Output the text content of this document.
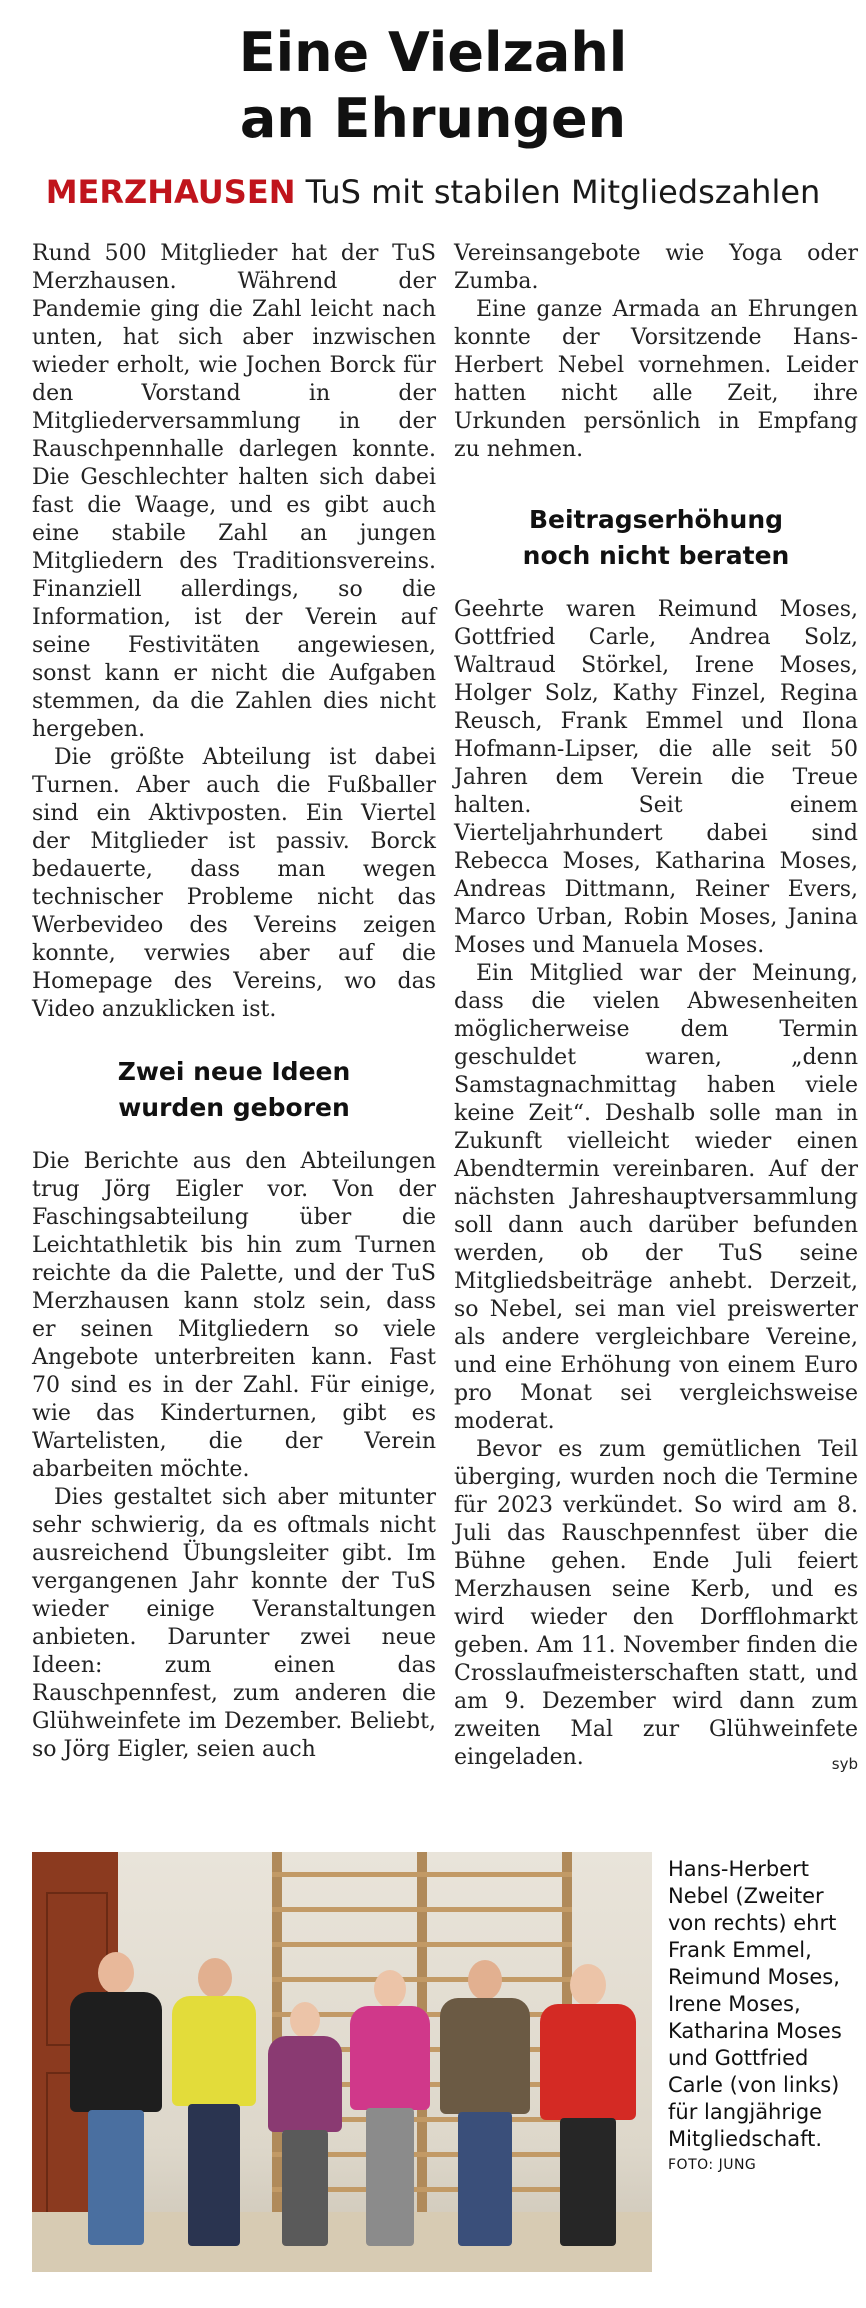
Eine Vielzahl
an Ehrungen
MERZHAUSEN TuS mit stabilen Mitgliedszahlen

Rund 500 Mitglieder hat der TuS Merzhausen. Während der Pandemie ging die Zahl leicht nach unten, hat sich aber inzwischen wieder erholt, wie Jochen Borck für den Vorstand in der Mitgliederversammlung in der Rauschpennhalle darlegen konnte. Die Geschlechter halten sich dabei fast die Waage, und es gibt auch eine stabile Zahl an jungen Mitgliedern des Traditionsvereins. Finanziell allerdings, so die Information, ist der Verein auf seine Festivitäten angewiesen, sonst kann er nicht die Aufgaben stemmen, da die Zahlen dies nicht hergeben.

Die größte Abteilung ist dabei Turnen. Aber auch die Fußballer sind ein Aktivposten. Ein Viertel der Mitglieder ist passiv. Borck bedauerte, dass man wegen technischer Probleme nicht das Werbevideo des Vereins zeigen konnte, verwies aber auf die Homepage des Vereins, wo das Video anzuklicken ist.

Zwei neue Ideen
wurden geboren

Die Berichte aus den Abteilungen trug Jörg Eigler vor. Von der Faschingsabteilung über die Leichtathletik bis hin zum Turnen reichte da die Palette, und der TuS Merzhausen kann stolz sein, dass er seinen Mitgliedern so viele Angebote unterbreiten kann. Fast 70 sind es in der Zahl. Für einige, wie das Kinderturnen, gibt es Wartelisten, die der Verein abarbeiten möchte.

Dies gestaltet sich aber mitunter sehr schwierig, da es oftmals nicht ausreichend Übungsleiter gibt. Im vergangenen Jahr konnte der TuS wieder einige Veranstaltungen anbieten. Darunter zwei neue Ideen: zum einen das Rauschpennfest, zum anderen die Glühweinfete im Dezember. Beliebt, so Jörg Eigler, seien auch

Vereinsangebote wie Yoga oder Zumba.

Eine ganze Armada an Ehrungen konnte der Vorsitzende Hans-Herbert Nebel vornehmen. Leider hatten nicht alle Zeit, ihre Urkunden persönlich in Empfang zu nehmen.

Beitragserhöhung
noch nicht beraten

Geehrte waren Reimund Moses, Gottfried Carle, Andrea Solz, Waltraud Störkel, Irene Moses, Holger Solz, Kathy Finzel, Regina Reusch, Frank Emmel und Ilona Hofmann-Lipser, die alle seit 50 Jahren dem Verein die Treue halten. Seit einem Vierteljahrhundert dabei sind Rebecca Moses, Katharina Moses, Andreas Dittmann, Reiner Evers, Marco Urban, Robin Moses, Janina Moses und Manuela Moses.

Ein Mitglied war der Meinung, dass die vielen Abwesenheiten möglicherweise dem Termin geschuldet waren, „denn Samstagnachmittag haben viele keine Zeit“. Deshalb solle man in Zukunft vielleicht wieder einen Abendtermin vereinbaren. Auf der nächsten Jahreshauptversammlung soll dann auch darüber befunden werden, ob der TuS seine Mitgliedsbeiträge anhebt. Derzeit, so Nebel, sei man viel preiswerter als andere vergleichbare Vereine, und eine Erhöhung von einem Euro pro Monat sei vergleichsweise moderat.

Bevor es zum gemütlichen Teil überging, wurden noch die Termine für 2023 verkündet. So wird am 8. Juli das Rauschpennfest über die Bühne gehen. Ende Juli feiert Merzhausen seine Kerb, und es wird wieder den Dorfflohmarkt geben. Am 11. November finden die Crosslaufmeisterschaften statt, und am 9. Dezember wird dann zum zweiten Mal zur Glühweinfete eingeladen.	syb

Hans-Herbert Nebel (Zweiter von rechts) ehrt Frank Emmel, Reimund Moses, Irene Moses, Katharina Moses und Gottfried Carle (von links) für langjährige Mitgliedschaft.

FOTO: JUNG
